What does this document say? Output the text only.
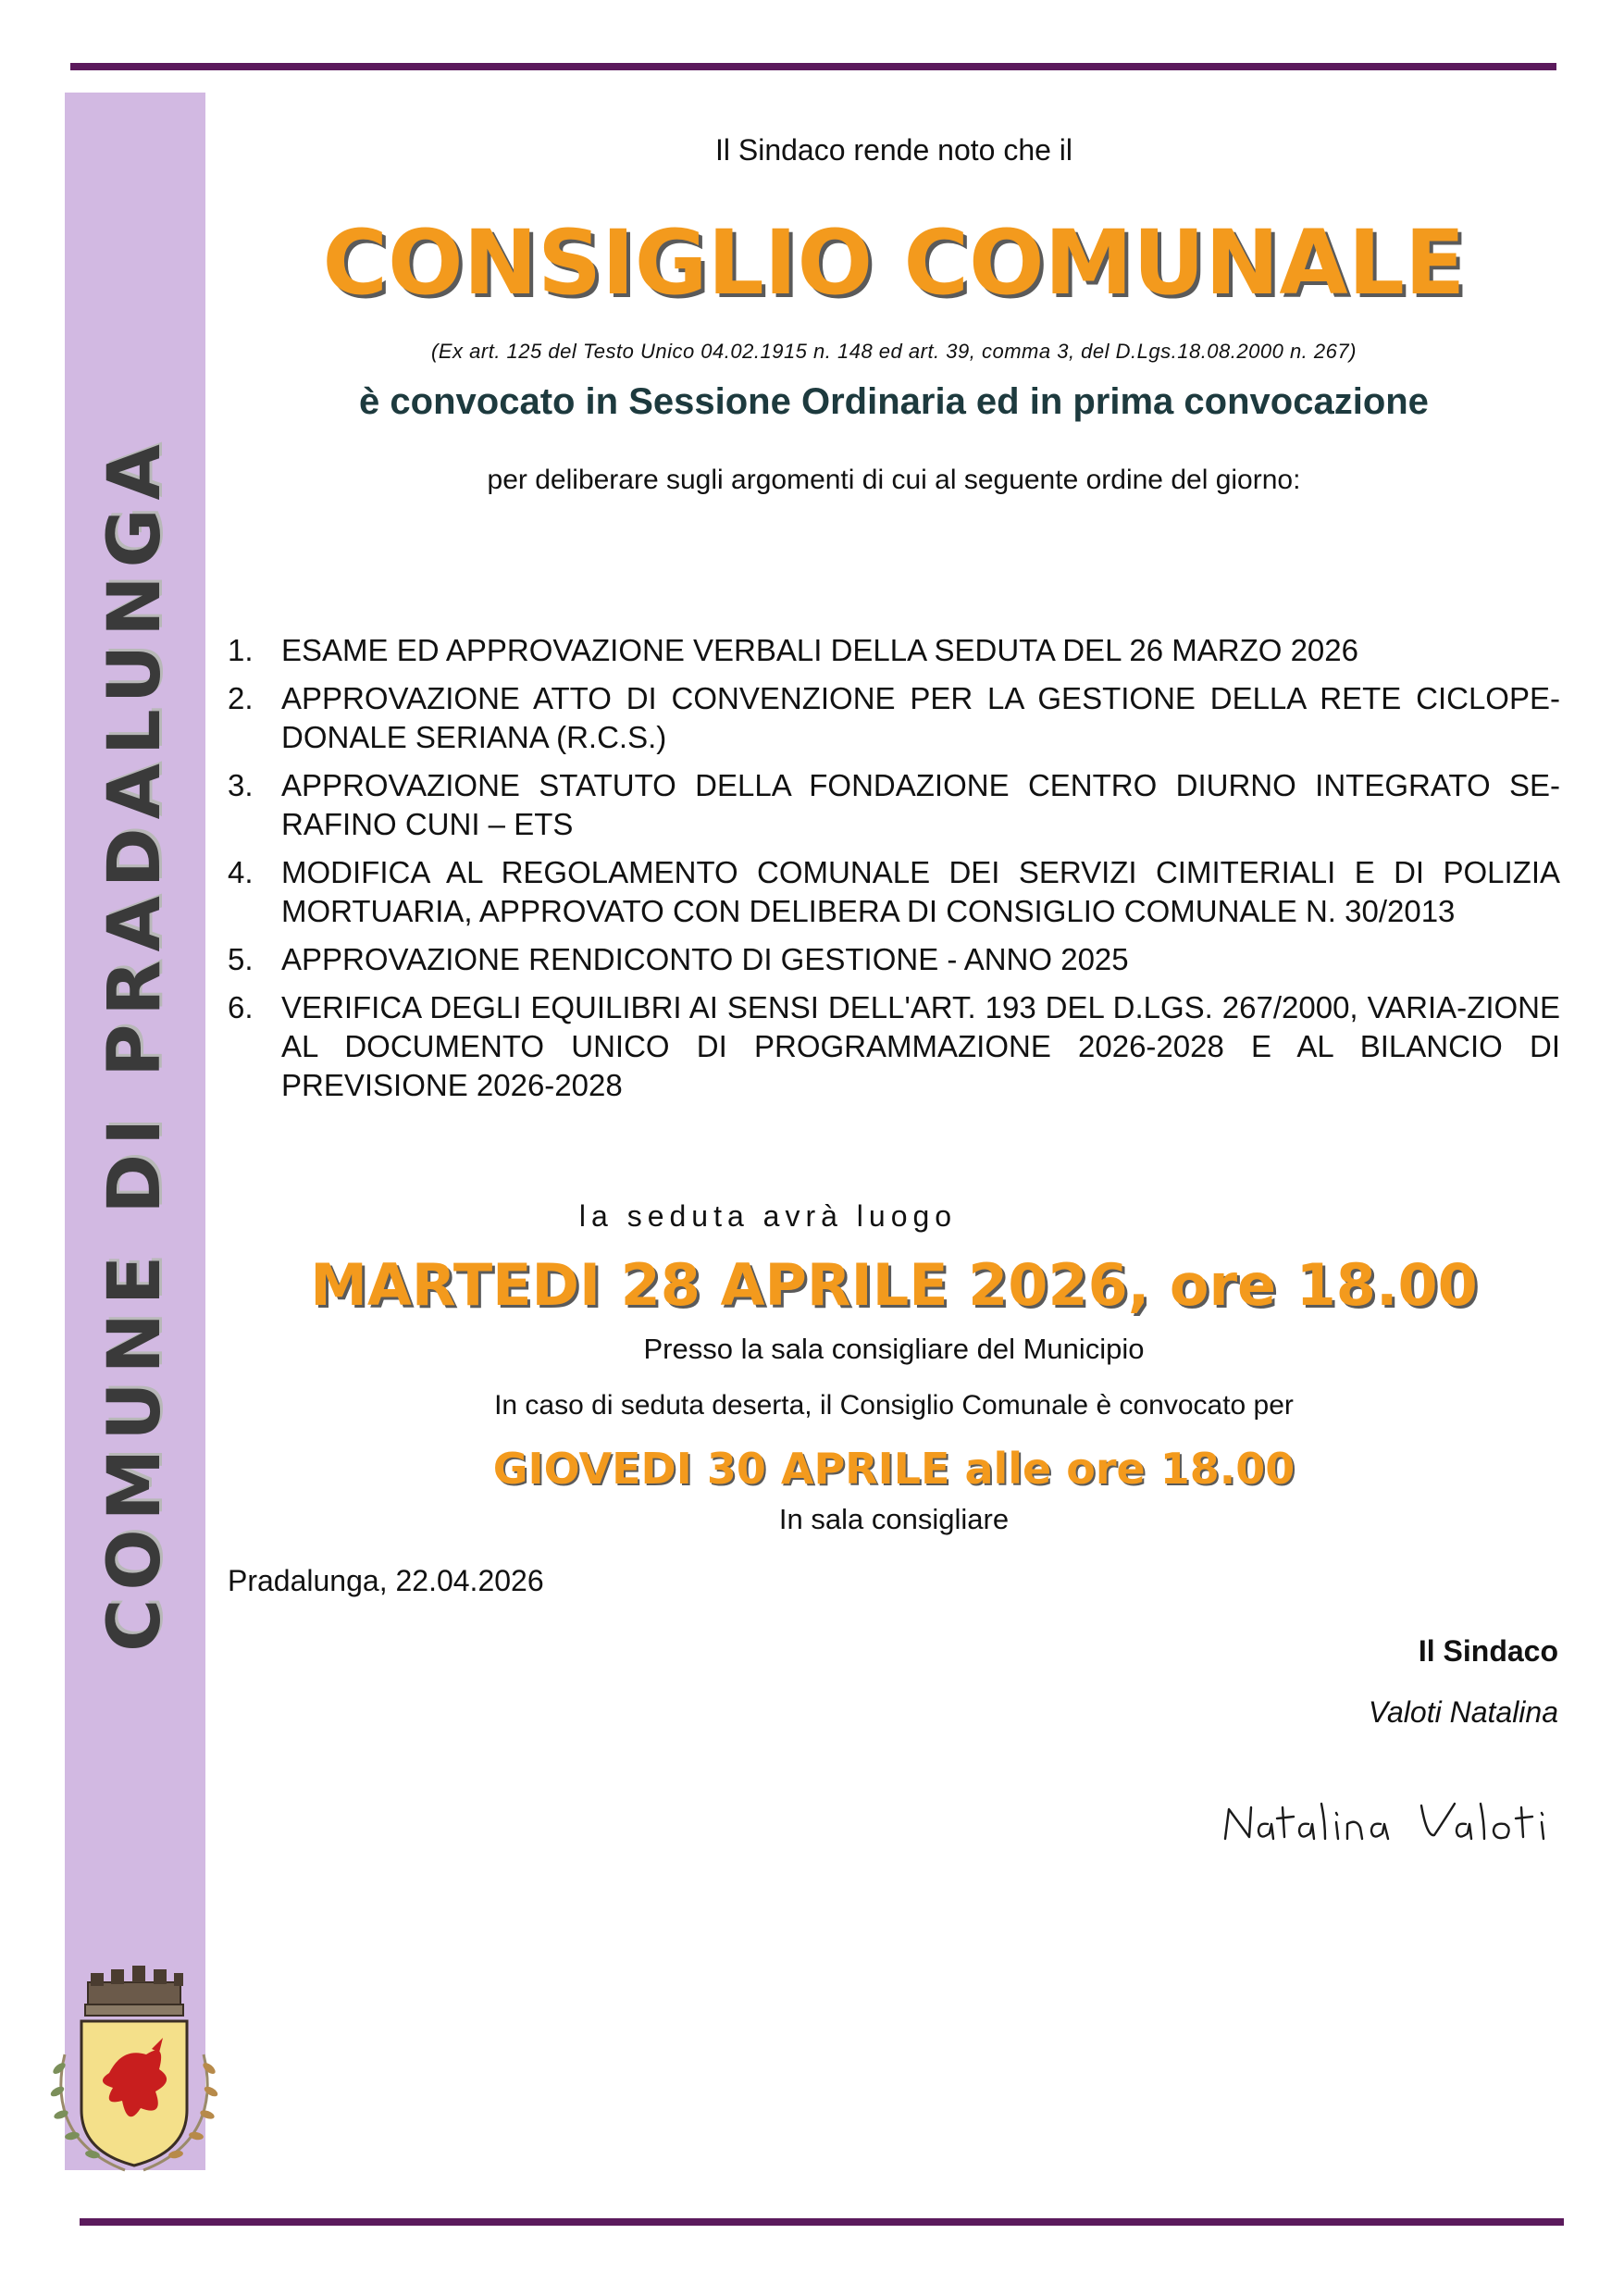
COMUNE DI PRADALUNGA
Il Sindaco rende noto che il
CONSIGLIO COMUNALE
(Ex art. 125 del Testo Unico 04.02.1915 n. 148 ed art. 39, comma 3, del D.Lgs.18.08.2000 n. 267)
è convocato in Sessione Ordinaria ed in prima convocazione
per deliberare sugli argomenti di cui al seguente ordine del giorno:
1. ESAME ED APPROVAZIONE VERBALI DELLA SEDUTA DEL 26 MARZO 2026
2. APPROVAZIONE ATTO DI CONVENZIONE PER LA GESTIONE DELLA RETE CICLOPE-DONALE SERIANA (R.C.S.)
3. APPROVAZIONE STATUTO DELLA FONDAZIONE CENTRO DIURNO INTEGRATO SE-RAFINO CUNI – ETS
4. MODIFICA AL REGOLAMENTO COMUNALE DEI SERVIZI CIMITERIALI E DI POLIZIA MORTUARIA, APPROVATO CON DELIBERA DI CONSIGLIO COMUNALE N. 30/2013
5. APPROVAZIONE RENDICONTO DI GESTIONE - ANNO 2025
6. VERIFICA DEGLI EQUILIBRI AI SENSI DELL'ART. 193 DEL D.LGS. 267/2000, VARIA-ZIONE AL DOCUMENTO UNICO DI PROGRAMMAZIONE 2026-2028 E AL BILANCIO DI PREVISIONE 2026-2028
la seduta avrà luogo
MARTEDI 28 APRILE 2026, ore 18.00
Presso la sala consigliare del Municipio
In caso di seduta deserta, il Consiglio Comunale è convocato per
GIOVEDI 30 APRILE alle ore 18.00
In sala consigliare
Pradalunga, 22.04.2026
Il Sindaco
Valoti Natalina
